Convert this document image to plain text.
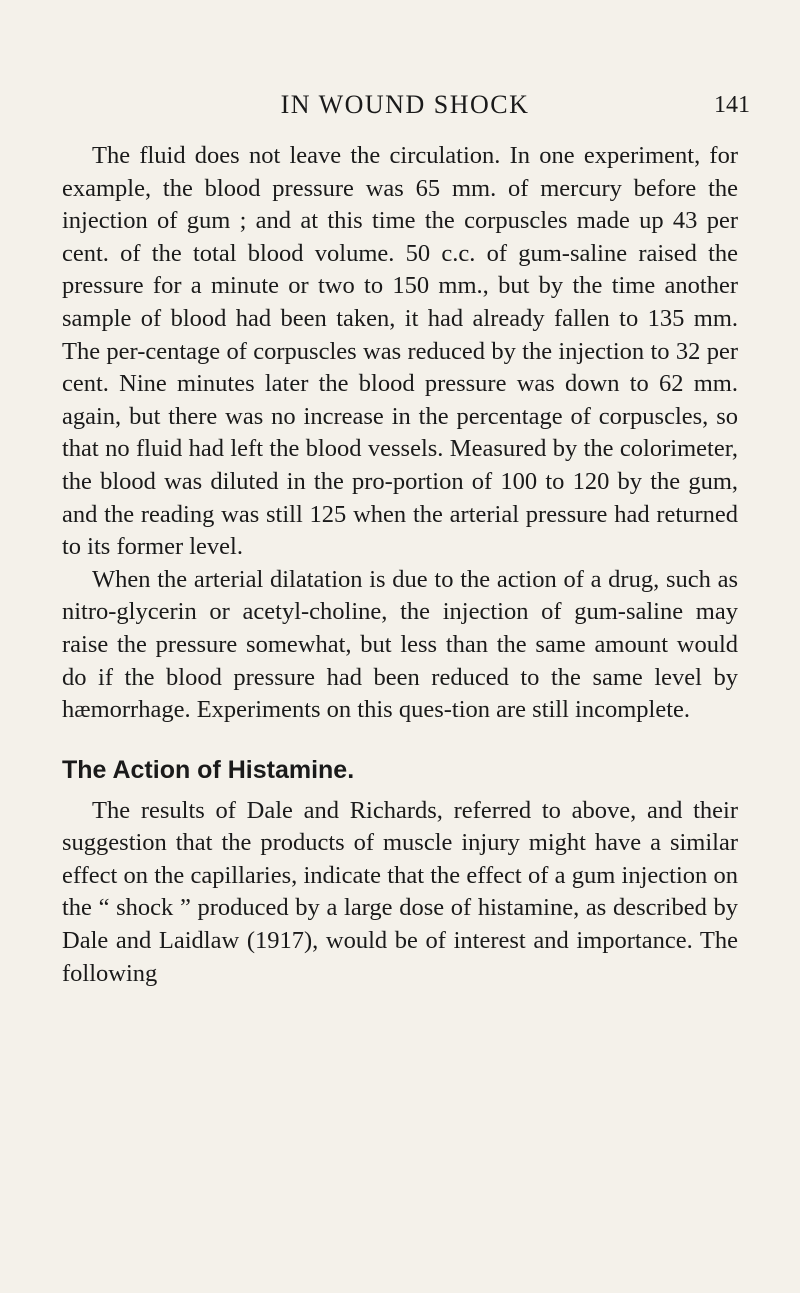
IN WOUND SHOCK	141

The fluid does not leave the circulation. In one experiment, for example, the blood pressure was 65 mm. of mercury before the injection of gum ; and at this time the corpuscles made up 43 per cent. of the total blood volume. 50 c.c. of gum-saline raised the pressure for a minute or two to 150 mm., but by the time another sample of blood had been taken, it had already fallen to 135 mm. The per-centage of corpuscles was reduced by the injection to 32 per cent. Nine minutes later the blood pressure was down to 62 mm. again, but there was no increase in the percentage of corpuscles, so that no fluid had left the blood vessels. Measured by the colorimeter, the blood was diluted in the pro-portion of 100 to 120 by the gum, and the reading was still 125 when the arterial pressure had returned to its former level.

When the arterial dilatation is due to the action of a drug, such as nitro-glycerin or acetyl-choline, the injection of gum-saline may raise the pressure somewhat, but less than the same amount would do if the blood pressure had been reduced to the same level by hæmorrhage. Experiments on this ques-tion are still incomplete.

The Action of Histamine.

The results of Dale and Richards, referred to above, and their suggestion that the products of muscle injury might have a similar effect on the capillaries, indicate that the effect of a gum injection on the “ shock ” produced by a large dose of histamine, as described by Dale and Laidlaw (1917), would be of interest and importance. The following
